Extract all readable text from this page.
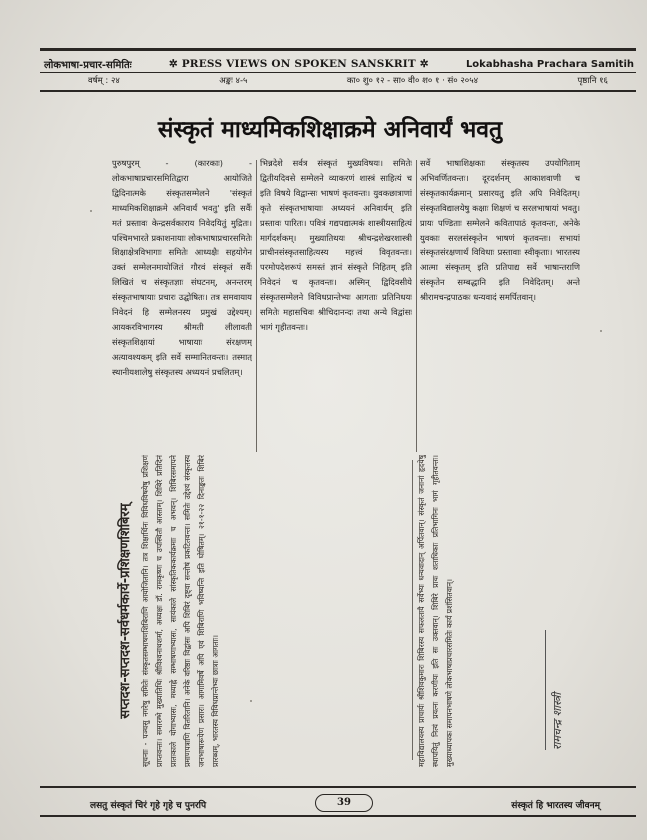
लोकभाषा-प्रचार-समितिः	✲ PRESS VIEWS ON SPOKEN SANSKRIT ✲	Lokabhasha Prachara Samitih
वर्षम् : २४	अङ्कः ४-५	का० शु० १२ - सा० वी० श० १ · सं० २०५४	पृष्ठानि १६
संस्कृतं माध्यमिकशिक्षाक्रमे अनिवार्यं भवतु

पुरुषपुरम् - (कारकाः) - लोकभाषाप्रचारसमितिद्वारा आयोजिते द्विदिनात्मके संस्कृतसम्मेलने 'संस्कृतं माध्यमिकशिक्षाक्रमे अनिवार्यं भवतु' इति सर्वैः मतं प्रस्तावः केन्द्रसर्वकाराय निवेदयितुं मुद्रितः। पश्चिमभारते प्रकाशनायाः लोकभाषाप्रचारसमितेः शिक्षाक्षेत्रविभागाः समितेः आध्यक्षैः सहयोगेन उक्तं सम्मेलनमायोजितं गौरवं संस्कृतं सर्वैः लिखितं च संस्कृतज्ञाः संघटनम्, अनन्तरम् संस्कृतभाषायाः प्रचारः उद्घोषितः। तत्र समवायाय निवेदनं हि सम्मेलनस्य प्रमुखं उद्देश्यम्। आयकरविभागस्य श्रीमती लीलावती संस्कृतशिक्षायां भाषायाः संरक्षणम् अत्यावश्यकम् इति सर्वे सम्मानितवन्तः। तस्मात् स्थानीयशालेषु संस्कृतस्य अध्ययनं प्रचलितम्।

भिन्नदेशे सर्वत्र संस्कृतं मुख्यविषयः। समितेः द्वितीयदिवसे सम्मेलने व्याकरणं शास्त्रं साहित्यं च इति विषये विद्वान्सः भाषणं कृतवन्तः। युवकछात्राणां कृते संस्कृतभाषायाः अध्ययनं अनिवार्यम् इति प्रस्तावः पारितः। पवित्रं गद्यपद्यात्मकं शास्त्रीयसाहित्यं मार्गदर्शकम्। मुख्यातिथयः श्रीचन्द्रशेखरशास्त्री प्राचीनसंस्कृतसाहित्यस्य महत्त्वं विवृतवन्तः। परमोपदेशरूपं समस्तं ज्ञानं संस्कृते निहितम् इति निवेदनं च कृतवन्तः। अस्मिन् द्विदिवसीये संस्कृतसम्मेलने विविधप्रान्तेभ्यः आगताः प्रतिनिधयः समितेः महासचिवः श्रीचिदानन्दः तथा अन्ये विद्वांसः भागं गृहीतवन्तः।

सर्वे भाषाशिक्षकाः संस्कृतस्य उपयोगिताम् अभिवर्णितवन्तः। दूरदर्शनम् आकाशवाणी च संस्कृतकार्यक्रमान् प्रसारयतु इति अपि निवेदितम्। संस्कृतविद्यालयेषु कक्षाः शिक्षणं च सरलभाषायां भवतु। प्रायः पण्डिताः सम्मेलने कवितापाठं कृतवन्तः, अनेके युवकाः सरलसंस्कृतेन भाषणं कृतवन्तः। सभायां संस्कृतसंरक्षणार्थं विविधाः प्रस्तावाः स्वीकृताः। भारतस्य आत्मा संस्कृतम् इति प्रतिपाद्य सर्वे भाषान्तराणि संस्कृतेन सम्बद्धानि इति निवेदितम्। अन्ते श्रीरामचन्द्रपाठकः धन्यवादं समर्पितवान्।

सप्तदश-सप्तदश-सर्वधर्मकार्ये-प्रशिक्षणशिबिरम् सूचनाः - पञ्चसु नगरेषु समितेः संस्कृतसम्भाषणशिबिराणि आयोजितानि। तत्र शिक्षार्थिनः विविधविषयेषु प्रशिक्षणं प्राप्तवन्तः। समारम्भे मुख्यातिथिः श्रीविश्वनाथशर्मा, अध्यक्षः डॉ. रामकृष्णः च उपस्थितौ आस्ताम्। शिबिरे प्रतिदिनं प्रातःकाले योगाभ्यासः, मध्याह्ने सम्भाषणाभ्यासः, सायंकाले सांस्कृतिककार्यक्रमाः च अभवन्। शिबिरसमापने प्रमाणपत्राणि वितरितानि। अनेके वरिष्ठाः विद्वांसः अपि शिबिरं दृष्ट्वा सन्तोषं प्रकटितवन्तः। समितेः उद्देश्यं संस्कृतस्य जनभाषारूपेण प्रसारः। आगामिवर्षे अपि एवं शिबिराणि भविष्यन्ति इति घोषितम्। २१-१-२२ दिनाङ्कतः शिबिरं प्रारब्धम्, भारतस्य विविधप्रान्तेभ्यः छात्राः आगताः।	महाविद्यालयस्य प्राचार्यः श्रीशिवकुमारः शिबिरस्य सफलतायै सर्वेभ्यः धन्यवादान् अर्पितवान्। संस्कृतं जनानां हृदयेषु स्थापयितुं नित्यं प्रयत्नः करणीयः इति सः उक्तवान्। शिबिरे प्रायः शताधिकाः प्रतिभागिनः भागं गृहीतवन्तः। मुख्याध्यापकः समापनभाषणे लोकभाषाप्रचारसमितेः कार्यं प्रशंसितवान्।	रामचन्द्र शास्त्री
लसतु संस्कृतं चिरं गृहे गृहे च पुनरपि	39	संस्कृतं हि भारतस्य जीवनम्
